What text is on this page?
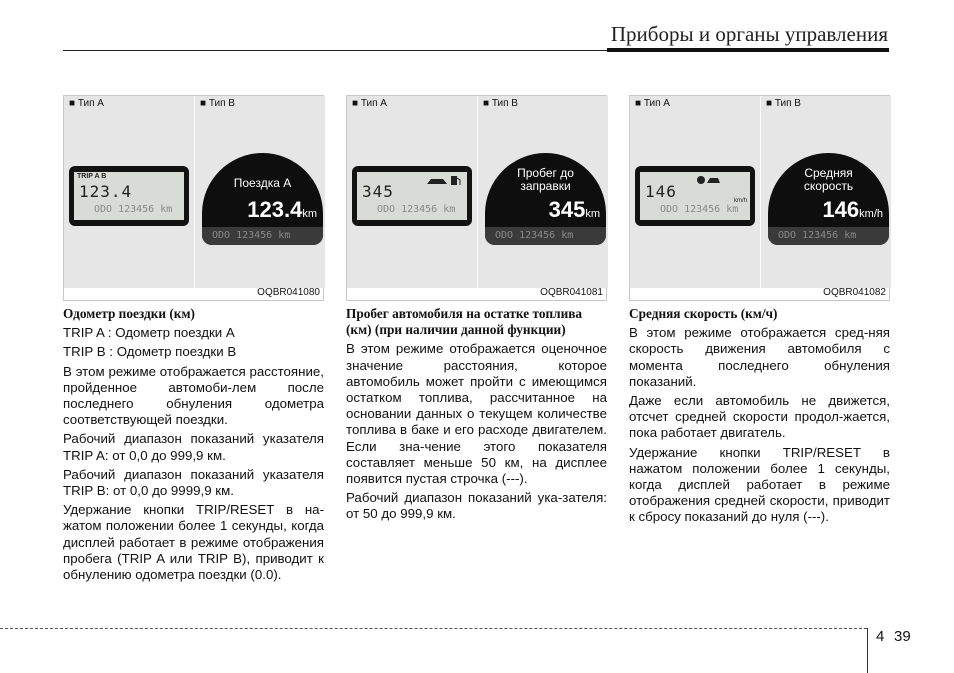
Приборы и органы управления
■ Тип A
TRIP A B
123.4
ODO 123456 km
■ Тип B
Поездка A
123.4km
ODO 123456 km
OQBR041080
■ Тип A
345
ODO 123456 km
■ Тип B
Пробег до
заправки
345km
ODO 123456 km
OQBR041081
■ Тип A
146	km/h
ODO 123456 km
■ Тип B
Средняя
скорость
146km/h
ODO 123456 km
OQBR041082
Одометр поездки (км)

TRIP A : Одометр поездки A

TRIP B : Одометр поездки B

В этом режиме отображается расстояние, пройденное автомоби-лем после последнего обнуления одометра соответствующей поездки.

Рабочий диапазон показаний указателя TRIP A: от 0,0 до 999,9 км.

Рабочий диапазон показаний указателя TRIP B: от 0,0 до 9999,9 км.

Удержание кнопки TRIP/RESET в на-жатом положении более 1 секунды, когда дисплей работает в режиме отображения пробега (TRIP A или TRIP B), приводит к обнулению одометра поездки (0.0).

Пробег автомобиля на остатке топлива (км) (при наличии данной функции)

В этом режиме отображается оценочное значение расстояния, которое автомобиль может пройти с имеющимся остатком топлива, рассчитанное на основании данных о текущем количестве топлива в баке и его расходе двигателем. Если зна-чение этого показателя составляет меньше 50 км, на дисплее появится пустая строчка (---).

Рабочий диапазон показаний ука-зателя: от 50 до 999,9 км.

Средняя скорость (км/ч)

В этом режиме отображается сред-няя скорость движения автомобиля с момента последнего обнуления показаний.

Даже если автомобиль не движется, отсчет средней скорости продол-жается, пока работает двигатель.

Удержание кнопки TRIP/RESET в нажатом положении более 1 секунды, когда дисплей работает в режиме отображения средней скорости, приводит к сбросу показаний до нуля (---).

4 39
